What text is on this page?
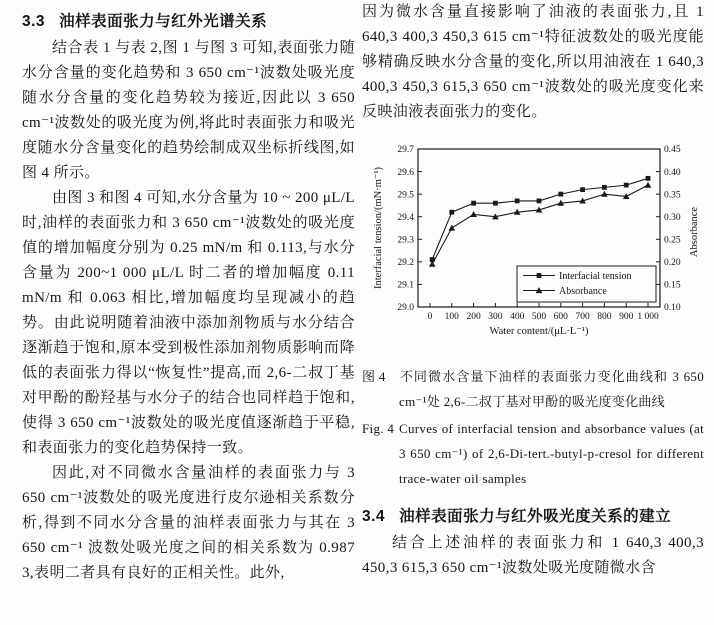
3.3 油样表面张力与红外光谱关系

结合表 1 与表 2,图 1 与图 3 可知,表面张力随水分含量的变化趋势和 3 650 cm⁻¹波数处吸光度随水分含量的变化趋势较为接近,因此以 3 650 cm⁻¹波数处的吸光度为例,将此时表面张力和吸光度随水分含量变化的趋势绘制成双坐标折线图,如图 4 所示。

由图 3 和图 4 可知,水分含量为 10 ~ 200 μL/L 时,油样的表面张力和 3 650 cm⁻¹波数处的吸光度值的增加幅度分别为 0.25 mN/m 和 0.113,与水分含量为 200~1 000 μL/L 时二者的增加幅度 0.11 mN/m 和 0.063 相比,增加幅度均呈现减小的趋势。由此说明随着油液中添加剂物质与水分结合逐渐趋于饱和,原本受到极性添加剂物质影响而降低的表面张力得以“恢复性”提高,而 2,6-二叔丁基对甲酚的酚羟基与水分子的结合也同样趋于饱和,使得 3 650 cm⁻¹波数处的吸光度值逐渐趋于平稳,和表面张力的变化趋势保持一致。

因此,对不同微水含量油样的表面张力与 3 650 cm⁻¹波数处的吸光度进行皮尔逊相关系数分析,得到不同水分含量的油样表面张力与其在 3 650 cm⁻¹ 波数处吸光度之间的相关系数为 0.987 3,表明二者具有良好的正相关性。此外,

因为微水含量直接影响了油液的表面张力,且 1 640,3 400,3 450,3 615 cm⁻¹特征波数处的吸光度能够精确反映水分含量的变化,所以用油液在 1 640,3 400,3 450,3 615,3 650 cm⁻¹波数处的吸光度变化来反映油液表面张力的变化。

0 100 200 300 400 500 600 700 800 900 1 000
29.0
29.1
29.2
29.3
29.4
29.5
29.6
29.7
0.10
0.15
0.20
0.25
0.30
0.35
0.40
0.45
Water content/(μL·L⁻¹)
Interfacial tension/(mN·m⁻¹)	Absorbance
Interfacial tension
Absorbance
图 4 不同微水含量下油样的表面张力变化曲线和 3 650 cm⁻¹处 2,6-二叔丁基对甲酚的吸光度变化曲线
Fig. 4 Curves of interfacial tension and absorbance values (at 3 650 cm⁻¹) of 2,6-Di-tert.-butyl-p-cresol for different trace-water oil samples
3.4 油样表面张力与红外吸光度关系的建立

结合上述油样的表面张力和 1 640,3 400,3 450,3 615,3 650 cm⁻¹波数处吸光度随微水含
